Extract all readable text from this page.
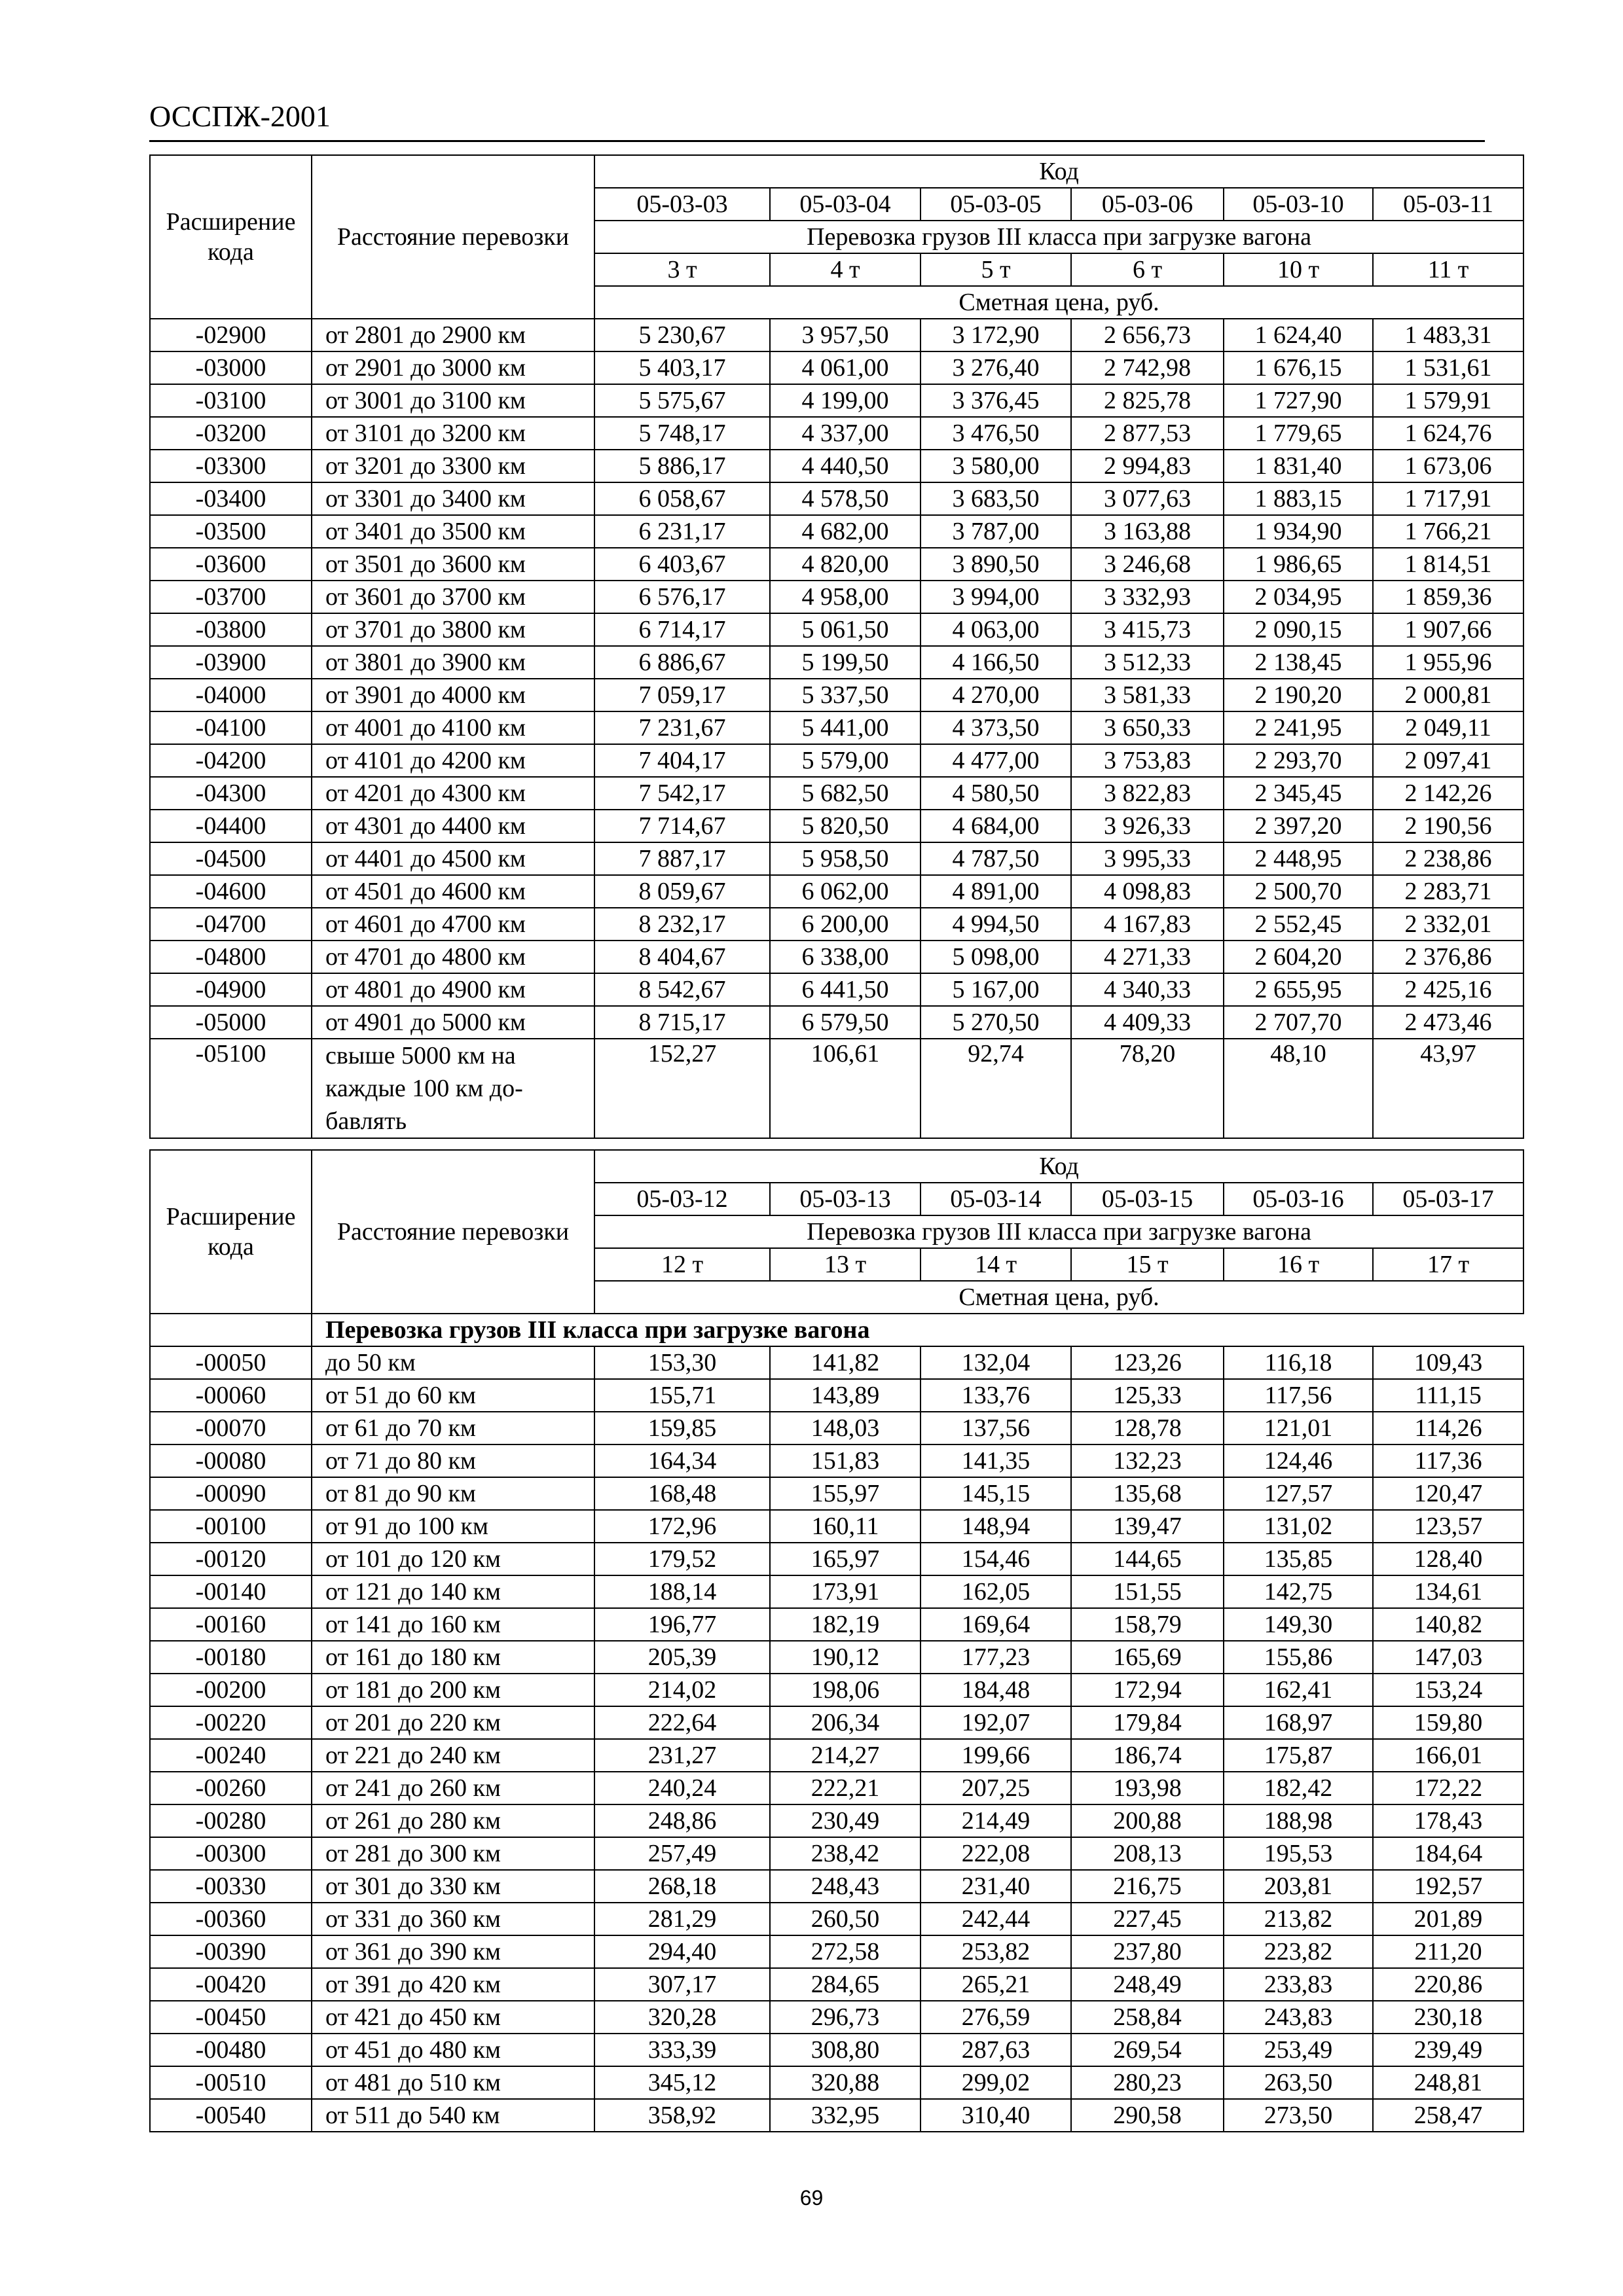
ОССПЖ-2001
Расширение кода	Расстояние перевозки	Код					
		05-03-03	05-03-04	05-03-05	05-03-06	05-03-10	05-03-11
		Перевозка грузов III класса при загрузке вагона					
		3 т	4 т	5 т	6 т	10 т	11 т
		Сметная цена, руб.					
-02900	от 2801 до 2900 км	5 230,67	3 957,50	3 172,90	2 656,73	1 624,40	1 483,31
-03000	от 2901 до 3000 км	5 403,17	4 061,00	3 276,40	2 742,98	1 676,15	1 531,61
-03100	от 3001 до 3100 км	5 575,67	4 199,00	3 376,45	2 825,78	1 727,90	1 579,91
-03200	от 3101 до 3200 км	5 748,17	4 337,00	3 476,50	2 877,53	1 779,65	1 624,76
-03300	от 3201 до 3300 км	5 886,17	4 440,50	3 580,00	2 994,83	1 831,40	1 673,06
-03400	от 3301 до 3400 км	6 058,67	4 578,50	3 683,50	3 077,63	1 883,15	1 717,91
-03500	от 3401 до 3500 км	6 231,17	4 682,00	3 787,00	3 163,88	1 934,90	1 766,21
-03600	от 3501 до 3600 км	6 403,67	4 820,00	3 890,50	3 246,68	1 986,65	1 814,51
-03700	от 3601 до 3700 км	6 576,17	4 958,00	3 994,00	3 332,93	2 034,95	1 859,36
-03800	от 3701 до 3800 км	6 714,17	5 061,50	4 063,00	3 415,73	2 090,15	1 907,66
-03900	от 3801 до 3900 км	6 886,67	5 199,50	4 166,50	3 512,33	2 138,45	1 955,96
-04000	от 3901 до 4000 км	7 059,17	5 337,50	4 270,00	3 581,33	2 190,20	2 000,81
-04100	от 4001 до 4100 км	7 231,67	5 441,00	4 373,50	3 650,33	2 241,95	2 049,11
-04200	от 4101 до 4200 км	7 404,17	5 579,00	4 477,00	3 753,83	2 293,70	2 097,41
-04300	от 4201 до 4300 км	7 542,17	5 682,50	4 580,50	3 822,83	2 345,45	2 142,26
-04400	от 4301 до 4400 км	7 714,67	5 820,50	4 684,00	3 926,33	2 397,20	2 190,56
-04500	от 4401 до 4500 км	7 887,17	5 958,50	4 787,50	3 995,33	2 448,95	2 238,86
-04600	от 4501 до 4600 км	8 059,67	6 062,00	4 891,00	4 098,83	2 500,70	2 283,71
-04700	от 4601 до 4700 км	8 232,17	6 200,00	4 994,50	4 167,83	2 552,45	2 332,01
-04800	от 4701 до 4800 км	8 404,67	6 338,00	5 098,00	4 271,33	2 604,20	2 376,86
-04900	от 4801 до 4900 км	8 542,67	6 441,50	5 167,00	4 340,33	2 655,95	2 425,16
-05000	от 4901 до 5000 км	8 715,17	6 579,50	5 270,50	4 409,33	2 707,70	2 473,46
-05100	свыше 5000 км на
каждые 100 км до-
бавлять	152,27	106,61	92,74	78,20	48,10	43,97
Расширение кода	Расстояние перевозки	Код					
		05-03-12	05-03-13	05-03-14	05-03-15	05-03-16	05-03-17
		Перевозка грузов III класса при загрузке вагона					
		12 т	13 т	14 т	15 т	16 т	17 т
		Сметная цена, руб.					
	Перевозка грузов III класса при загрузке вагона						
-00050	до 50 км	153,30	141,82	132,04	123,26	116,18	109,43
-00060	от 51 до 60 км	155,71	143,89	133,76	125,33	117,56	111,15
-00070	от 61 до 70 км	159,85	148,03	137,56	128,78	121,01	114,26
-00080	от 71 до 80 км	164,34	151,83	141,35	132,23	124,46	117,36
-00090	от 81 до 90 км	168,48	155,97	145,15	135,68	127,57	120,47
-00100	от 91 до 100 км	172,96	160,11	148,94	139,47	131,02	123,57
-00120	от 101 до 120 км	179,52	165,97	154,46	144,65	135,85	128,40
-00140	от 121 до 140 км	188,14	173,91	162,05	151,55	142,75	134,61
-00160	от 141 до 160 км	196,77	182,19	169,64	158,79	149,30	140,82
-00180	от 161 до 180 км	205,39	190,12	177,23	165,69	155,86	147,03
-00200	от 181 до 200 км	214,02	198,06	184,48	172,94	162,41	153,24
-00220	от 201 до 220 км	222,64	206,34	192,07	179,84	168,97	159,80
-00240	от 221 до 240 км	231,27	214,27	199,66	186,74	175,87	166,01
-00260	от 241 до 260 км	240,24	222,21	207,25	193,98	182,42	172,22
-00280	от 261 до 280 км	248,86	230,49	214,49	200,88	188,98	178,43
-00300	от 281 до 300 км	257,49	238,42	222,08	208,13	195,53	184,64
-00330	от 301 до 330 км	268,18	248,43	231,40	216,75	203,81	192,57
-00360	от 331 до 360 км	281,29	260,50	242,44	227,45	213,82	201,89
-00390	от 361 до 390 км	294,40	272,58	253,82	237,80	223,82	211,20
-00420	от 391 до 420 км	307,17	284,65	265,21	248,49	233,83	220,86
-00450	от 421 до 450 км	320,28	296,73	276,59	258,84	243,83	230,18
-00480	от 451 до 480 км	333,39	308,80	287,63	269,54	253,49	239,49
-00510	от 481 до 510 км	345,12	320,88	299,02	280,23	263,50	248,81
-00540	от 511 до 540 км	358,92	332,95	310,40	290,58	273,50	258,47
69
